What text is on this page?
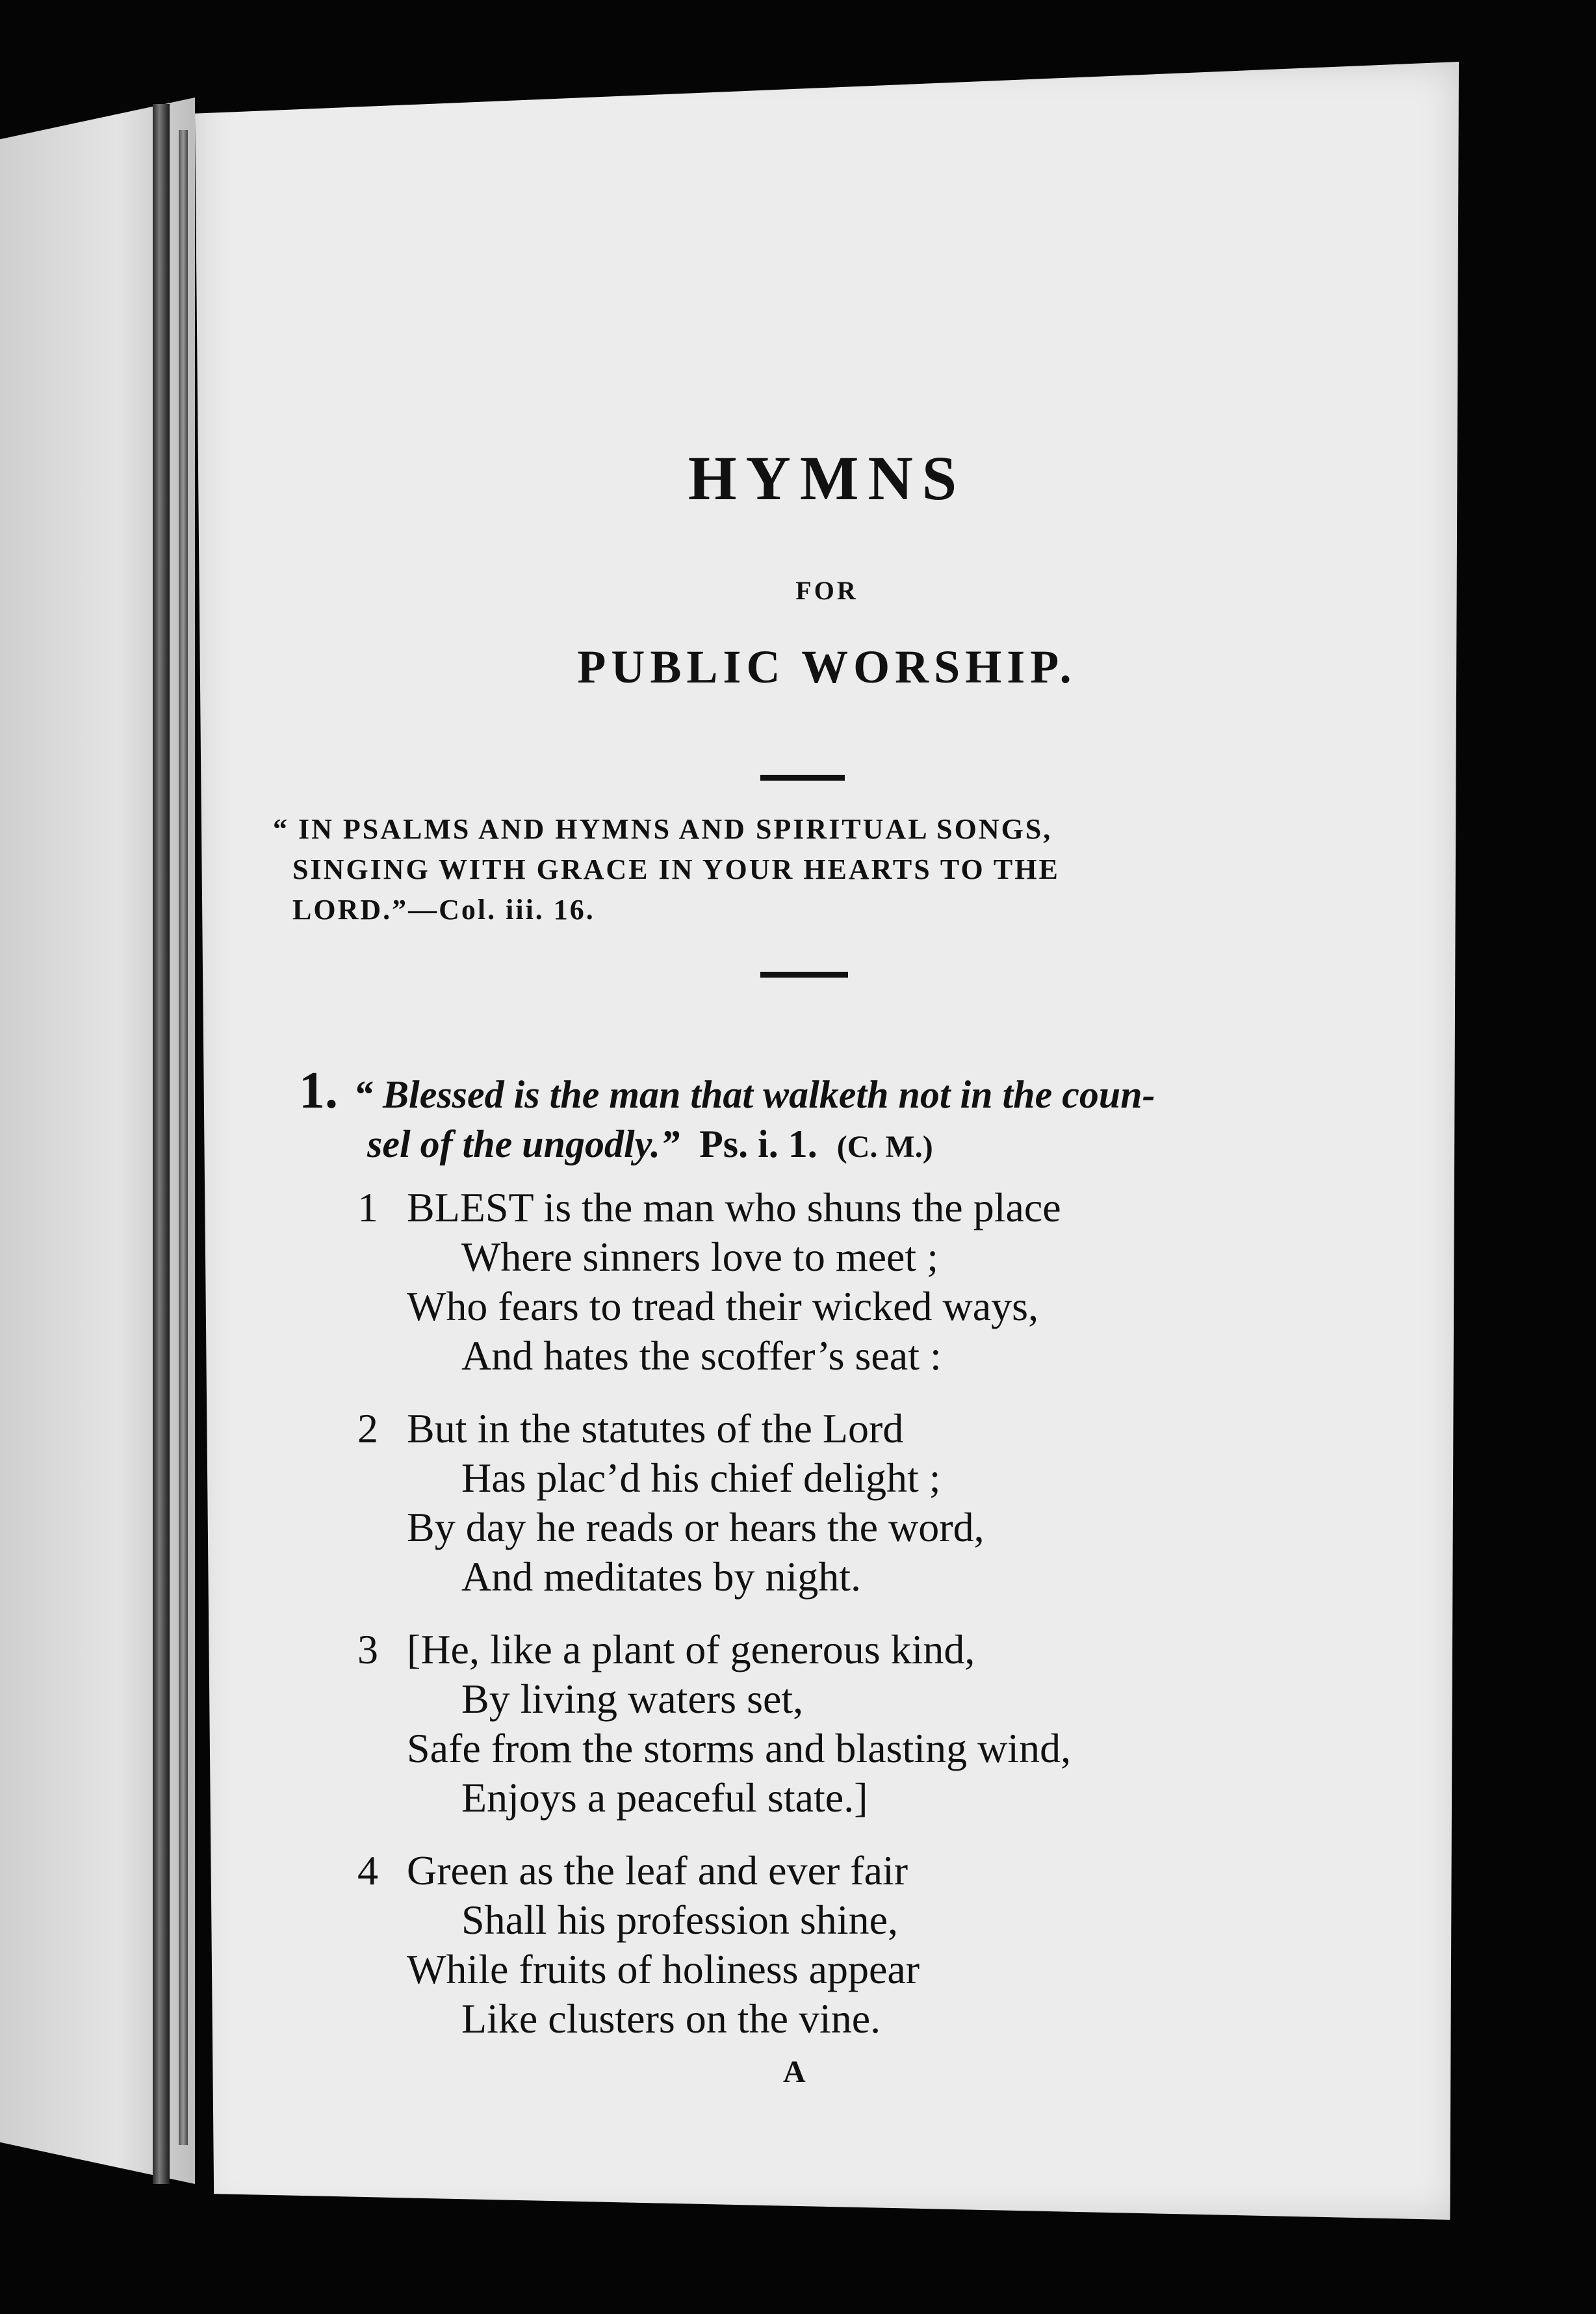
HYMNS
FOR
PUBLIC WORSHIP.
“ IN PSALMS AND HYMNS AND SPIRITUAL SONGS,
SINGING WITH GRACE IN YOUR HEARTS TO THE
LORD.”—Col. iii. 16.
1. “ Blessed is the man that walketh not in the coun-
sel of the ungodly.” Ps. i. 1. (C. M.)
1 BLEST is the man who shuns the place
Where sinners love to meet ;
Who fears to tread their wicked ways,
And hates the scoffer’s seat :
2 But in the statutes of the Lord
Has plac’d his chief delight ;
By day he reads or hears the word,
And meditates by night.
3 [He, like a plant of generous kind,
By living waters set,
Safe from the storms and blasting wind,
Enjoys a peaceful state.]
4 Green as the leaf and ever fair
Shall his profession shine,
While fruits of holiness appear
Like clusters on the vine.
A
